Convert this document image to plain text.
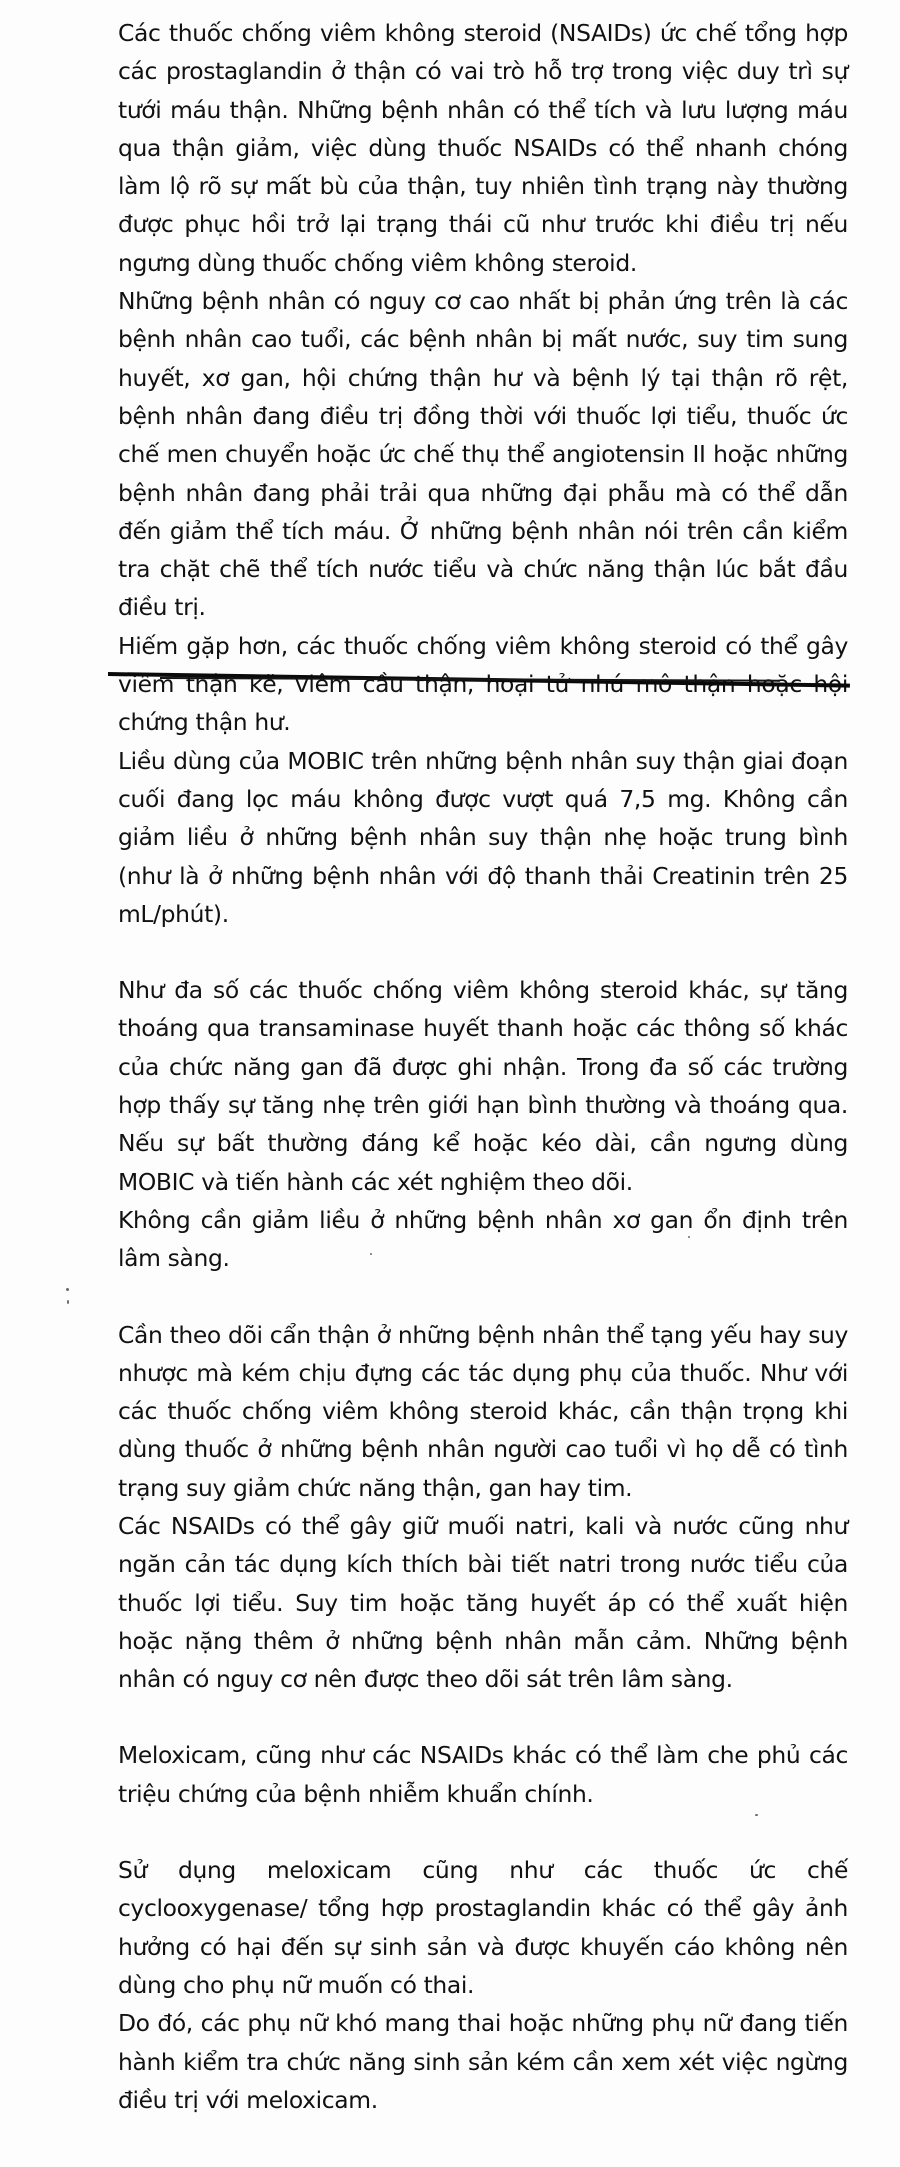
Các thuốc chống viêm không steroid (NSAIDs) ức chế tổng hợp các prostaglandin ở thận có vai trò hỗ trợ trong việc duy trì sự tưới máu thận. Những bệnh nhân có thể tích và lưu lượng máu qua thận giảm, việc dùng thuốc NSAIDs có thể nhanh chóng làm lộ rõ sự mất bù của thận, tuy nhiên tình trạng này thường được phục hồi trở lại trạng thái cũ như trước khi điều trị nếu ngưng dùng thuốc chống viêm không steroid.

Những bệnh nhân có nguy cơ cao nhất bị phản ứng trên là các bệnh nhân cao tuổi, các bệnh nhân bị mất nước, suy tim sung huyết, xơ gan, hội chứng thận hư và bệnh lý tại thận rõ rệt, bệnh nhân đang điều trị đồng thời với thuốc lợi tiểu, thuốc ức chế men chuyển hoặc ức chế thụ thể angiotensin II hoặc những bệnh nhân đang phải trải qua những đại phẫu mà có thể dẫn đến giảm thể tích máu. Ở những bệnh nhân nói trên cần kiểm tra chặt chẽ thể tích nước tiểu và chức năng thận lúc bắt đầu điều trị.

Hiếm gặp hơn, các thuốc chống viêm không steroid có thể gây viêm thận kẽ, viêm cầu thận, hoại tử nhú mô thận hoặc hội chứng thận hư.

Liều dùng của MOBIC trên những bệnh nhân suy thận giai đoạn cuối đang lọc máu không được vượt quá 7,5 mg. Không cần giảm liều ở những bệnh nhân suy thận nhẹ hoặc trung bình (như là ở những bệnh nhân với độ thanh thải Creatinin trên 25 mL/phút).

Như đa số các thuốc chống viêm không steroid khác, sự tăng thoáng qua transaminase huyết thanh hoặc các thông số khác của chức năng gan đã được ghi nhận. Trong đa số các trường hợp thấy sự tăng nhẹ trên giới hạn bình thường và thoáng qua. Nếu sự bất thường đáng kể hoặc kéo dài, cần ngưng dùng MOBIC và tiến hành các xét nghiệm theo dõi.

Không cần giảm liều ở những bệnh nhân xơ gan ổn định trên lâm sàng.

Cần theo dõi cẩn thận ở những bệnh nhân thể tạng yếu hay suy nhược mà kém chịu đựng các tác dụng phụ của thuốc. Như với các thuốc chống viêm không steroid khác, cần thận trọng khi dùng thuốc ở những bệnh nhân người cao tuổi vì họ dễ có tình trạng suy giảm chức năng thận, gan hay tim.

Các NSAIDs có thể gây giữ muối natri, kali và nước cũng như ngăn cản tác dụng kích thích bài tiết natri trong nước tiểu của thuốc lợi tiểu. Suy tim hoặc tăng huyết áp có thể xuất hiện hoặc nặng thêm ở những bệnh nhân mẫn cảm. Những bệnh nhân có nguy cơ nên được theo dõi sát trên lâm sàng.

Meloxicam, cũng như các NSAIDs khác có thể làm che phủ các triệu chứng của bệnh nhiễm khuẩn chính.

Sử dụng meloxicam cũng như các thuốc ức chế cyclooxygenase/ tổng hợp prostaglandin khác có thể gây ảnh hưởng có hại đến sự sinh sản và được khuyến cáo không nên dùng cho phụ nữ muốn có thai.

Do đó, các phụ nữ khó mang thai hoặc những phụ nữ đang tiến hành kiểm tra chức năng sinh sản kém cần xem xét việc ngừng điều trị với meloxicam.
